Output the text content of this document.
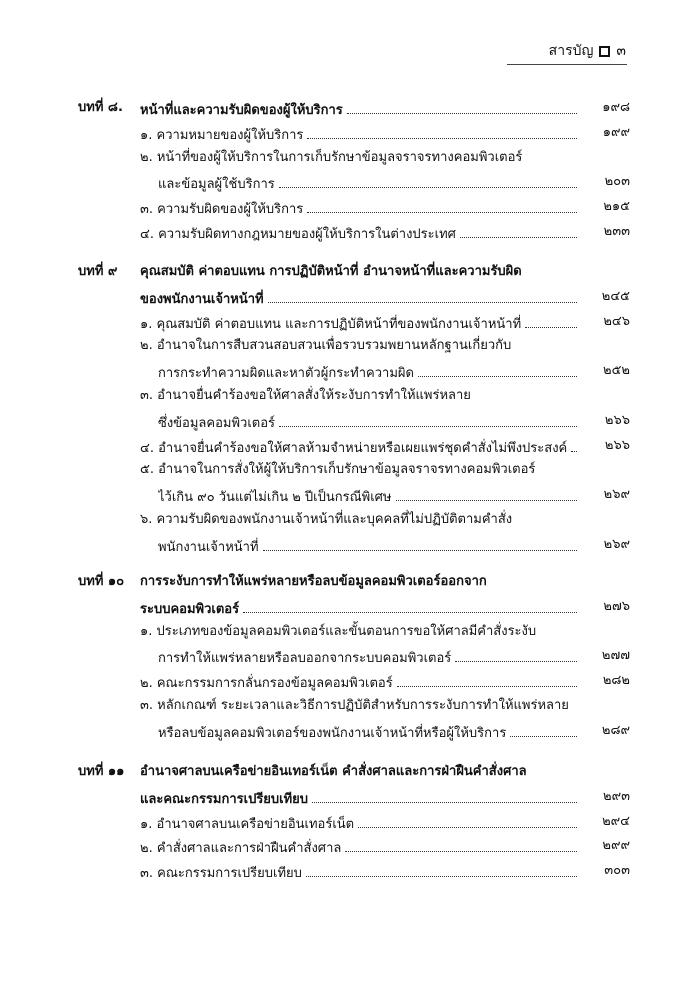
สารบัญ ๓
บทที่ ๘.	๑๙๘
หน้าที่และความรับผิดของผู้ให้บริการ
๑๙๙
๑. ความหมายของผู้ให้บริการ
๒. หน้าที่ของผู้ให้บริการในการเก็บรักษาข้อมูลจราจรทางคอมพิวเตอร์
๒๐๓
และข้อมูลผู้ใช้บริการ
๒๑๕
๓. ความรับผิดของผู้ให้บริการ
๒๓๓
๔. ความรับผิดทางกฎหมายของผู้ให้บริการในต่างประเทศ
บทที่ ๙ คุณสมบัติ ค่าตอบแทน การปฏิบัติหน้าที่ อำนาจหน้าที่และความรับผิด
๒๔๕
ของพนักงานเจ้าหน้าที่
๒๔๖
๑. คุณสมบัติ ค่าตอบแทน และการปฏิบัติหน้าที่ของพนักงานเจ้าหน้าที่
๒. อำนาจในการสืบสวนสอบสวนเพื่อรวบรวมพยานหลักฐานเกี่ยวกับ
๒๕๒
การกระทำความผิดและหาตัวผู้กระทำความผิด
๓. อำนาจยื่นคำร้องขอให้ศาลสั่งให้ระงับการทำให้แพร่หลาย
๒๖๖
ซึ่งข้อมูลคอมพิวเตอร์
๒๖๖
๔. อำนาจยื่นคำร้องขอให้ศาลห้ามจำหน่ายหรือเผยแพร่ชุดคำสั่งไม่พึงประสงค์
๕. อำนาจในการสั่งให้ผู้ให้บริการเก็บรักษาข้อมูลจราจรทางคอมพิวเตอร์
๒๖๙
ไว้เกิน ๙๐ วันแต่ไม่เกิน ๒ ปีเป็นกรณีพิเศษ
๖. ความรับผิดของพนักงานเจ้าหน้าที่และบุคคลที่ไม่ปฏิบัติตามคำสั่ง
๒๖๙
พนักงานเจ้าหน้าที่
บทที่ ๑๐ การระงับการทำให้แพร่หลายหรือลบข้อมูลคอมพิวเตอร์ออกจาก
๒๗๖
ระบบคอมพิวเตอร์
๑. ประเภทของข้อมูลคอมพิวเตอร์และขั้นตอนการขอให้ศาลมีคำสั่งระงับ
๒๗๗
การทำให้แพร่หลายหรือลบออกจากระบบคอมพิวเตอร์
๒๘๒
๒. คณะกรรมการกลั่นกรองข้อมูลคอมพิวเตอร์
๓. หลักเกณฑ์ ระยะเวลาและวิธีการปฏิบัติสำหรับการระงับการทำให้แพร่หลาย
๒๘๙
หรือลบข้อมูลคอมพิวเตอร์ของพนักงานเจ้าหน้าที่หรือผู้ให้บริการ
บทที่ ๑๑ อำนาจศาลบนเครือข่ายอินเทอร์เน็ต คำสั่งศาลและการฝ่าฝืนคำสั่งศาล
๒๙๓
และคณะกรรมการเปรียบเทียบ
๒๙๔
๑. อำนาจศาลบนเครือข่ายอินเทอร์เน็ต
๒๙๙
๒. คำสั่งศาลและการฝ่าฝืนคำสั่งศาล
๓๐๓
๓. คณะกรรมการเปรียบเทียบ
